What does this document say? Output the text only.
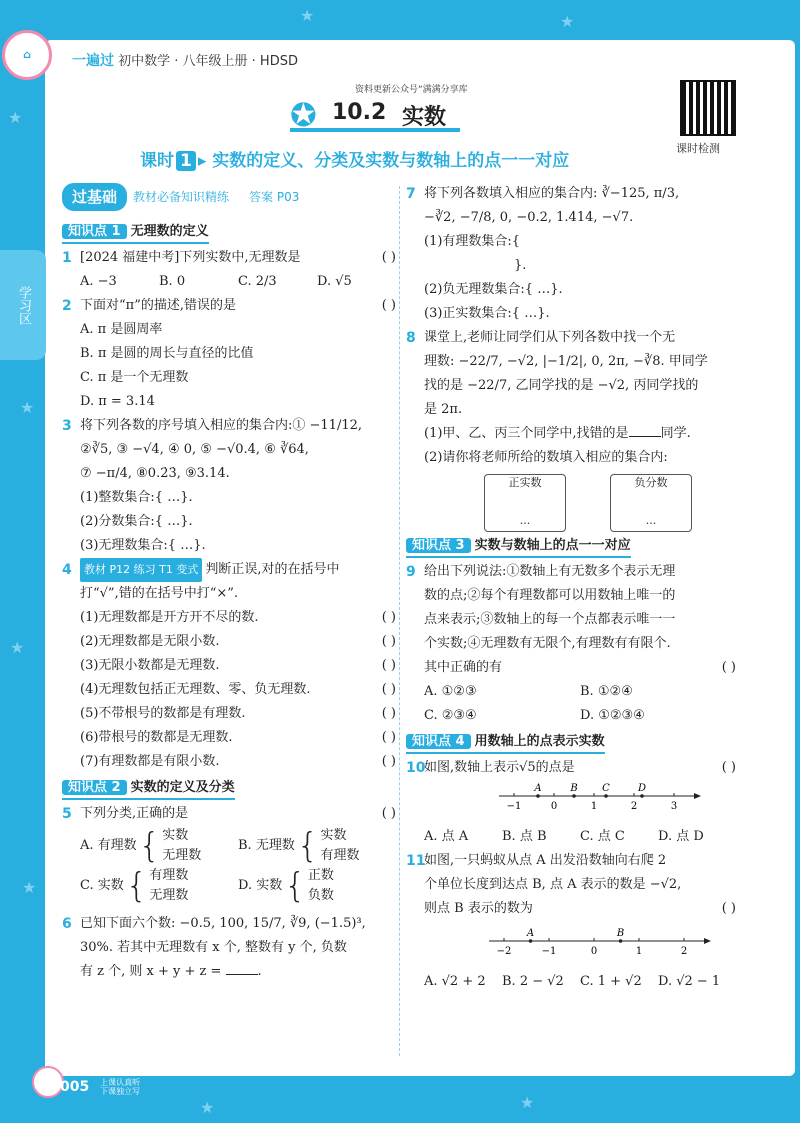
★
★
★
★
★	★
★	★
⌂
学习区
一遍过 初中数学 · 八年级上册 · HDSD
资料更新公众号“满满分享库
✪ 10.2 实数
课时检测
课时 1 ▸ 实数的定义、分类及实数与数轴上的点一一对应
过基础	教材必备知识精练 答案 P03
知识点 1 无理数的定义
1 [2024 福建中考]下列实数中,无理数是	( )
A. −3	B. 0	C. 2/3	D. √5
2 下面对“π”的描述,错误的是	( )
A. π 是圆周率
B. π 是圆的周长与直径的比值
C. π 是一个无理数
D. π = 3.14
3 将下列各数的序号填入相应的集合内:① −11/12,
②∛5, ③ −√4, ④ 0, ⑤ −√0.4, ⑥ ∛64,
⑦ −π/4, ⑧0.2̇3̇, ⑨3.14.
(1)整数集合:{ …}.
(2)分数集合:{ …}.
(3)无理数集合:{ …}.
4	教材 P12 练习 T1 变式 判断正误,对的在括号中
打“√”,错的在括号中打“×”.
(1)无理数都是开方开不尽的数.	( )
(2)无理数都是无限小数.	( )
(3)无限小数都是无理数.	( )
(4)无理数包括正无理数、零、负无理数.	( )
(5)不带根号的数都是有理数.	( )
(6)带根号的数都是无理数.	( )
(7)有理数都是有限小数.	( )
知识点 2 实数的定义及分类
5 下列分类,正确的是	( )
A. 有理数 { 实数
无理数
B. 无理数 { 实数
有理数
C. 实数 { 有理数
无理数
D. 实数 { 正数
负数
6 已知下面六个数: −0.5, 100, 15/7, ∛9, (−1.5)³,
30%. 若其中无理数有 x 个, 整数有 y 个, 负数
有 z 个, 则 x + y + z =	.
7 将下列各数填入相应的集合内: ∛−125, π/3,
−∛2, −7/8, 0, −0.2, 1.414, −√7.
(1)有理数集合:{
}.
(2)负无理数集合:{ …}.
(3)正实数集合:{ …}.
8 课堂上,老师让同学们从下列各数中找一个无
理数: −22/7, −√2, |−1/2|, 0, 2π, −∛8. 甲同学
找的是 −22/7, 乙同学找的是 −√2, 丙同学找的
是 2π.
(1)甲、乙、丙三个同学中,找错的是 同学.
(2)请你将老师所给的数填入相应的集合内:
正实数
...
负分数
...
知识点 3 实数与数轴上的点一一对应
9 给出下列说法:①数轴上有无数多个表示无理
数的点;②每个有理数都可以用数轴上唯一的
点来表示;③数轴上的每一个点都表示唯一一
个实数;④无理数有无限个,有理数有有限个.
其中正确的有	( )
A. ①②③	B. ①②④
C. ②③④	D. ①②③④
知识点 4 用数轴上的点表示实数
10
如图,数轴上表示√5的点是	( )
−1	0	1	2	3
A	B C	D
A. 点 A	B. 点 B	C. 点 C	D. 点 D
11
如图,一只蚂蚁从点 A 出发沿数轴向右爬 2
个单位长度到达点 B, 点 A 表示的数是 −√2,
则点 B 表示的数为	( )
−2	−1	0	1	2
A	B
A. √2 + 2	B. 2 − √2	C. 1 + √2	D. √2 − 1
005 上课认真听
下课独立写
